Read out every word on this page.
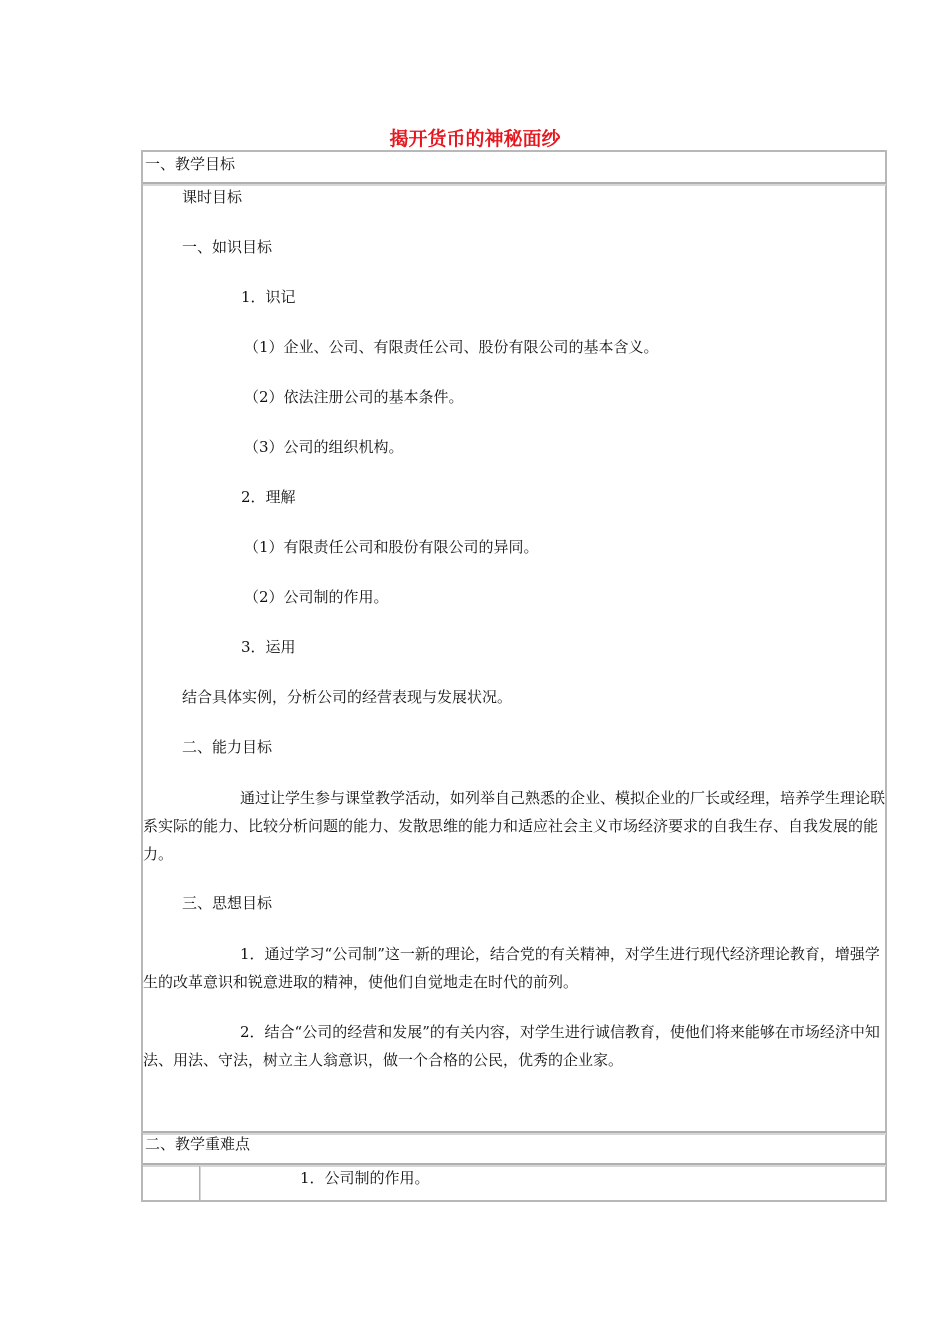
揭开货币的神秘面纱
一、教学目标
课时目标
一、如识目标
1．识记
（1）企业、公司、有限责任公司、股份有限公司的基本含义。
（2）依法注册公司的基本条件。
（3）公司的组织机构。
2．理解
（1）有限责任公司和股份有限公司的异同。
（2）公司制的作用。
3．运用
结合具体实例，分析公司的经营表现与发展状况。
二、能力目标
通过让学生参与课堂教学活动，如列举自己熟悉的企业、模拟企业的厂长或经理，培养学生理论联系实际的能力、比较分析问题的能力、发散思维的能力和适应社会主义市场经济要求的自我生存、自我发展的能力。
三、思想目标
1．通过学习“公司制”这一新的理论，结合党的有关精神，对学生进行现代经济理论教育，增强学生的改革意识和锐意进取的精神，使他们自觉地走在时代的前列。
2．结合“公司的经营和发展”的有关内容，对学生进行诚信教育，使他们将来能够在市场经济中知法、用法、守法，树立主人翁意识，做一个合格的公民，优秀的企业家。
二、教学重难点
1．公司制的作用。
